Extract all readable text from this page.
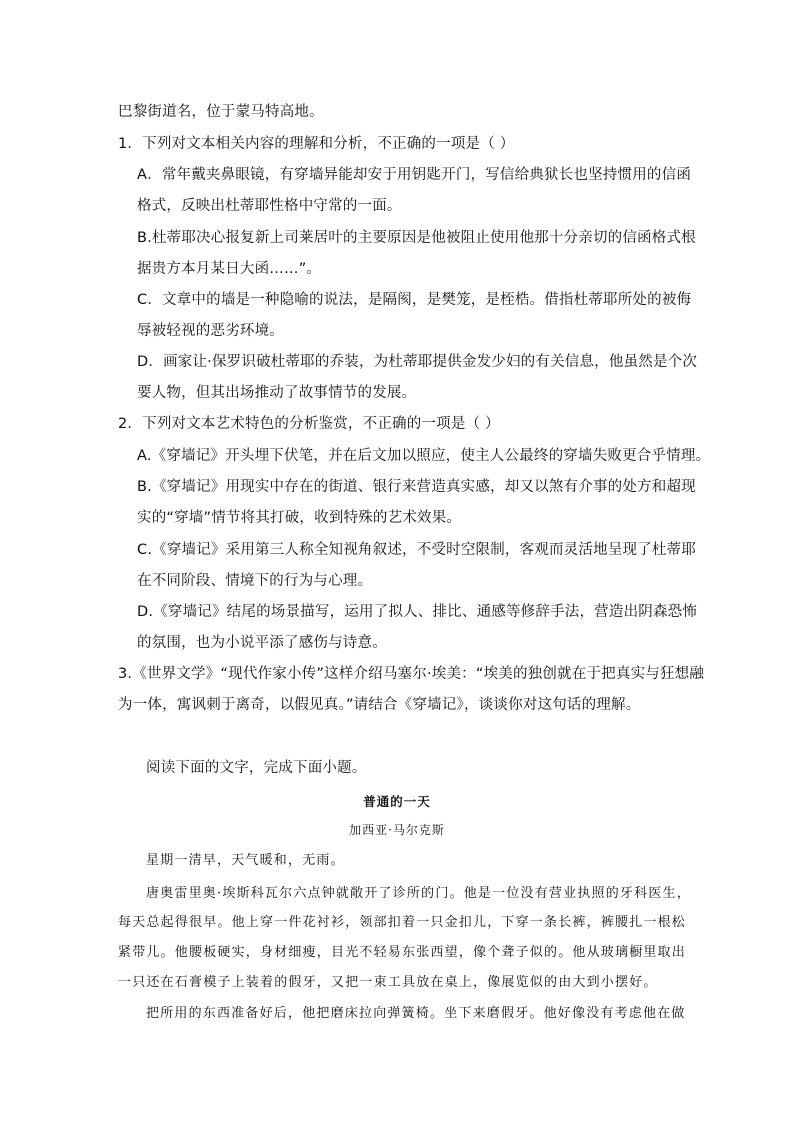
巴黎街道名，位于蒙马特高地。
1．下列对文本相关内容的理解和分析，不正确的一项是（ ）
A．常年戴夹鼻眼镜，有穿墙异能却安于用钥匙开门，写信给典狱长也坚持惯用的信函
格式，反映出杜蒂耶性格中守常的一面。
B.杜蒂耶决心报复新上司莱居叶的主要原因是他被阻止使用他那十分亲切的信函格式根
据贵方本月某日大函……”。
C．文章中的墙是一种隐喻的说法，是隔阂，是樊笼，是桎梏。借指杜蒂耶所处的被侮
辱被轻视的恶劣环境。
D．画家让·保罗识破杜蒂耶的乔装，为杜蒂耶提供金发少妇的有关信息，他虽然是个次
要人物，但其出场推动了故事情节的发展。
2．下列对文本艺术特色的分析鉴赏，不正确的一项是（ ）
A.《穿墙记》开头埋下伏笔，并在后文加以照应，使主人公最终的穿墙失败更合乎情理。
B.《穿墙记》用现实中存在的街道、银行来营造真实感，却又以煞有介事的处方和超现
实的“穿墙”情节将其打破，收到特殊的艺术效果。
C.《穿墙记》采用第三人称全知视角叙述，不受时空限制，客观而灵活地呈现了杜蒂耶
在不同阶段、情境下的行为与心理。
D.《穿墙记》结尾的场景描写，运用了拟人、排比、通感等修辞手法，营造出阴森恐怖
的氛围，也为小说平添了感伤与诗意。
3.《世界文学》“现代作家小传”这样介绍马塞尔·埃美：“埃美的独创就在于把真实与狂想融
为一体，寓讽刺于离奇，以假见真。”请结合《穿墙记》，谈谈你对这句话的理解。
阅读下面的文字，完成下面小题。
普通的一天
加西亚·马尔克斯
星期一清早，天气暖和，无雨。
唐奥雷里奥·埃斯科瓦尔六点钟就敞开了诊所的门。他是一位没有营业执照的牙科医生，
每天总起得很早。他上穿一件花衬衫，领部扣着一只金扣儿，下穿一条长裤，裤腰扎一根松
紧带儿。他腰板硬实，身材细瘦，目光不轻易东张西望，像个聋子似的。他从玻璃橱里取出
一只还在石膏模子上装着的假牙，又把一束工具放在桌上，像展览似的由大到小摆好。
把所用的东西准备好后，他把磨床拉向弹簧椅。坐下来磨假牙。他好像没有考虑他在做
